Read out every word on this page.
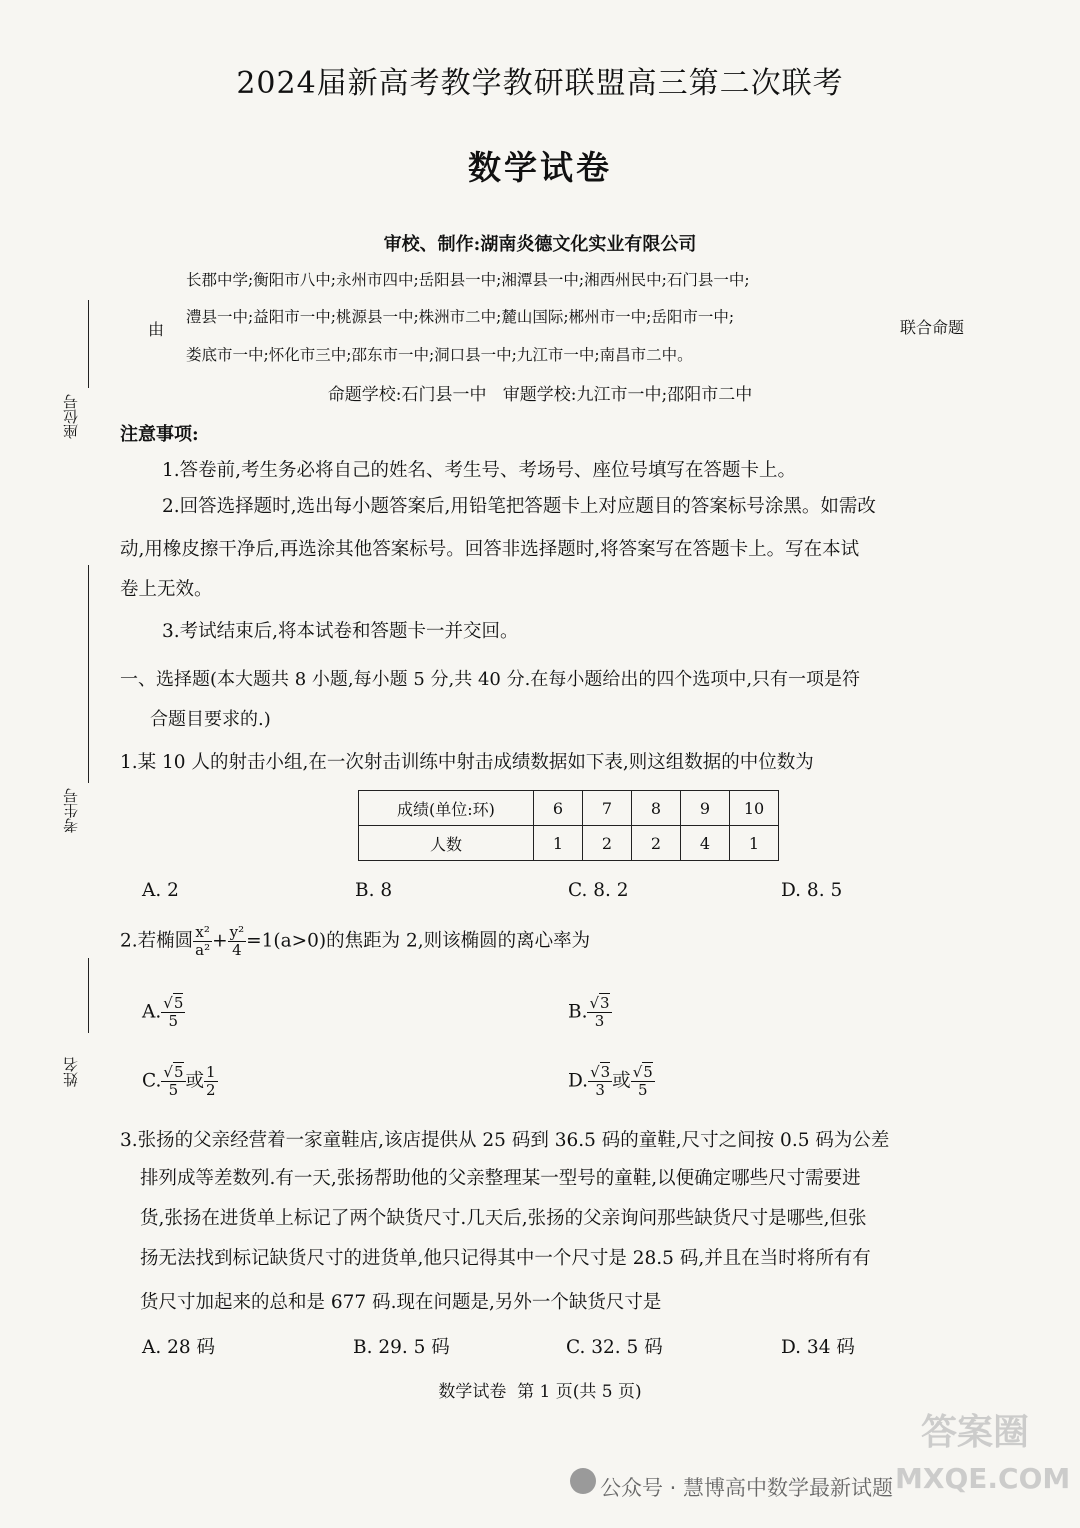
2024届新高考教学教研联盟高三第二次联考
数学试卷
审校、制作:湖南炎德文化实业有限公司
长郡中学;衡阳市八中;永州市四中;岳阳县一中;湘潭县一中;湘西州民中;石门县一中;
澧县一中;益阳市一中;桃源县一中;株洲市二中;麓山国际;郴州市一中;岳阳市一中;
娄底市一中;怀化市三中;邵东市一中;洞口县一中;九江市一中;南昌市二中。
由	联合命题
命题学校:石门县一中   审题学校:九江市一中;邵阳市二中
座位号
考生号
姓名
注意事项:
1.答卷前,考生务必将自己的姓名、考生号、考场号、座位号填写在答题卡上。
2.回答选择题时,选出每小题答案后,用铅笔把答题卡上对应题目的答案标号涂黑。如需改
动,用橡皮擦干净后,再选涂其他答案标号。回答非选择题时,将答案写在答题卡上。写在本试
卷上无效。
3.考试结束后,将本试卷和答题卡一并交回。
一、选择题(本大题共 8 小题,每小题 5 分,共 40 分.在每小题给出的四个选项中,只有一项是符
合题目要求的.)
1.某 10 人的射击小组,在一次射击训练中射击成绩数据如下表,则这组数据的中位数为
成绩(单位:环)	6	7	8	9	10
人数	1	2	2	4	1
A. 2	B. 8	C. 8. 2	D. 8. 5
2.若椭圆 $\frac{\text{x²}}{\text{a²}} + \frac{\text{y²}}{4} =1(a>0)$的焦距为 2,则该椭圆的离心率为
A. $\frac{√5}{5}$	B. $\frac{√3}{3}$
C. $\frac{√5}{5}$ 或 $\frac{1}{2}$	D. $\frac{√3}{3}$ 或 $\frac{√5}{5}$
3.张扬的父亲经营着一家童鞋店,该店提供从 25 码到 36.5 码的童鞋,尺寸之间按 0.5 码为公差
排列成等差数列.有一天,张扬帮助他的父亲整理某一型号的童鞋,以便确定哪些尺寸需要进
货,张扬在进货单上标记了两个缺货尺寸.几天后,张扬的父亲询问那些缺货尺寸是哪些,但张
扬无法找到标记缺货尺寸的进货单,他只记得其中一个尺寸是 28.5 码,并且在当时将所有有
货尺寸加起来的总和是 677 码.现在问题是,另外一个缺货尺寸是
A. 28 码	B. 29. 5 码	C. 32. 5 码	D. 34 码
数学试卷  第 1 页(共 5 页)
公众号 · 慧博高中数学最新试题
答案圈
MXQE.COM
